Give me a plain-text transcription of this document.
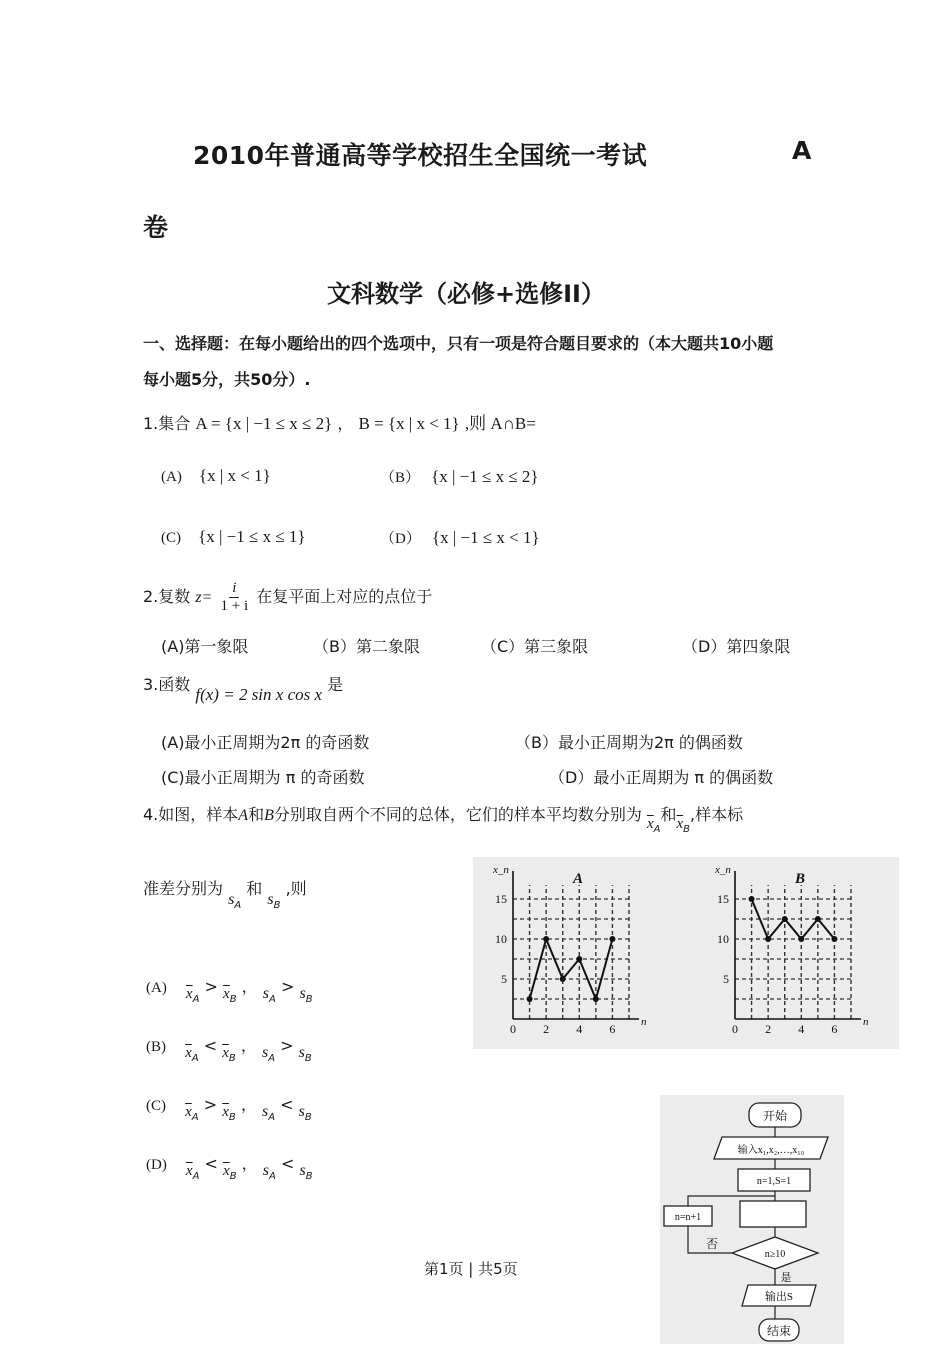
2010年普通高等学校招生全国统一考试	A
卷
文科数学（必修+选修II）
一、选择题：在每小题给出的四个选项中，只有一项是符合题目要求的（本大题共10小题
每小题5分，共50分）.
1.集合 A = {x | −1 ≤ x ≤ 2} ， B = {x | x < 1} ,则 A∩B=
(A) {x | x < 1}	（B） {x | −1 ≤ x ≤ 2}
(C) {x | −1 ≤ x ≤ 1}	（D） {x | −1 ≤ x < 1}
2.复数 $z= \frac{i}{1 + i}$ 在复平面上对应的点位于
(A)第一象限	（B）第二象限	（C）第三象限	（D）第四象限
3.函数 f(x) = 2 sin x cos x 是
(A)最小正周期为2π 的奇函数	（B）最小正周期为2π 的偶函数
(C)最小正周期为 π 的奇函数	（D）最小正周期为 π 的偶函数
4.如图，样本A和B分别取自两个不同的总体，它们的样本平均数分别为 $\overline{x}_A$和$\overline{x}_B$,样本标
准差分别为 $s_A$ 和 $s_B$ ,则
(A) $\overline{x}_A > \overline{x}_B$ ， $s_A > s_B$
(B) $\overline{x}_A < \overline{x}_B$ ， $s_A > s_B$
(C) $\overline{x}_A > \overline{x}_B$ ， $s_A < s_B$
(D) $\overline{x}_A < \overline{x}_B$ ， $s_A < s_B$
0 2 4 6
5
10
15
n
x_n
A
0 2 4 6
5
10
15
n
x_n
B
开始
输入x₁,x₂,…,x₁₀
n=1,S=1
n=n+1
n≥10
否
是
输出S
结束
第1页 | 共5页
